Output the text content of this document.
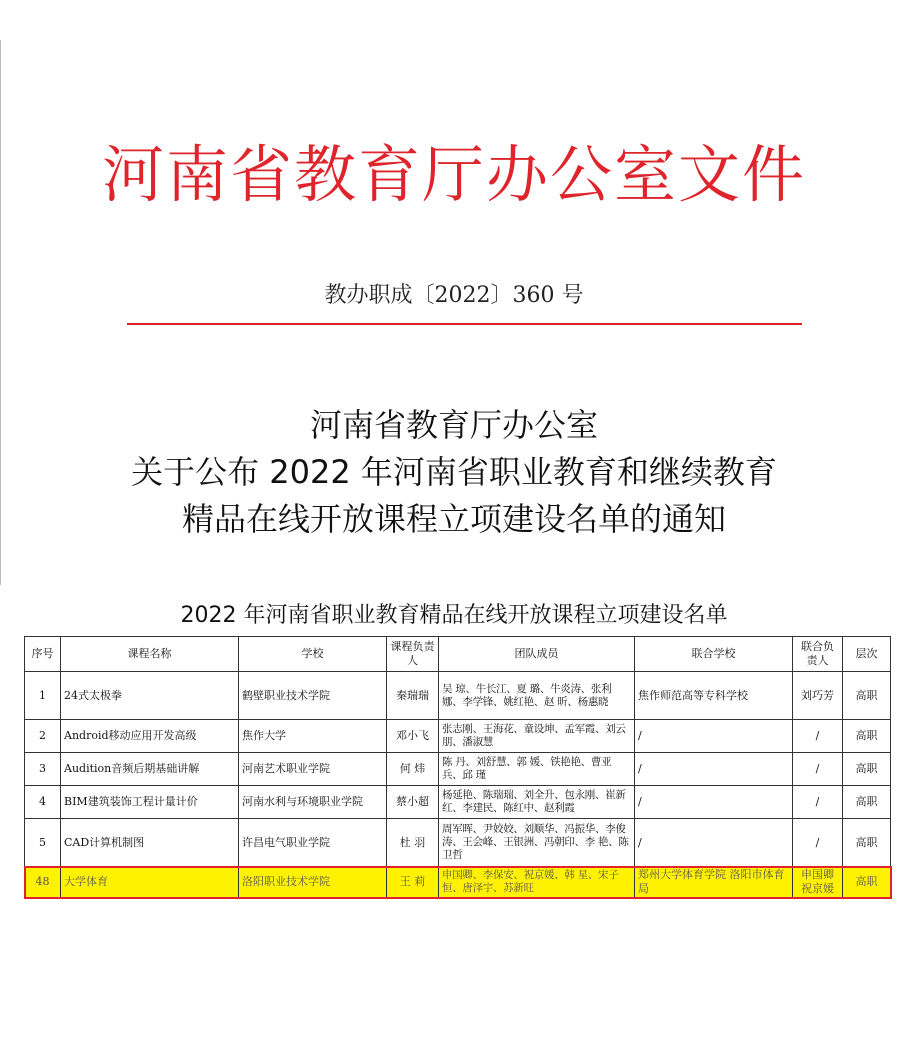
河南省教育厅办公室文件
教办职成〔2022〕360 号
河南省教育厅办公室
关于公布 2022 年河南省职业教育和继续教育
精品在线开放课程立项建设名单的通知
2022 年河南省职业教育精品在线开放课程立项建设名单
序号	课程名称	学校	课程负责人	团队成员	联合学校	联合负责人	层次
1	24式太极拳	鹤壁职业技术学院	秦瑞瑞	吴 琼、牛长江、夏 璐、牛炎涛、张利娜、李学锋、姚红艳、赵 昕、杨惠晓	焦作师范高等专科学校	刘巧芳	高职
2	Android移动应用开发高级	焦作大学	邓小飞	张志刚、王海花、童设坤、孟军霞、刘云朋、潘淑慧	/	/	高职
3	Audition音频后期基础讲解	河南艺术职业学院	何 炜	陈 丹、刘舒慧、郭 媛、铁艳艳、曹亚兵、邱 瑾	/	/	高职
4	BIM建筑装饰工程计量计价	河南水利与环境职业学院	蔡小超	杨延艳、陈瑞瑞、刘全升、包永刚、崔新红、李建民、陈红中、赵利霞	/	/	高职
5	CAD计算机制图	许昌电气职业学院	杜 羽	周军晖、尹姣姣、刘顺华、冯振华、李俊涛、王会峰、王银洲、冯朝印、李 艳、陈卫哲	/	/	高职
48	大学体育	洛阳职业技术学院	王 莉	申国卿、李保安、祝京媛、韩 星、宋子恒、唐泽宇、苏新旺	郑州大学体育学院 洛阳市体育局	申国卿 祝京媛	高职
